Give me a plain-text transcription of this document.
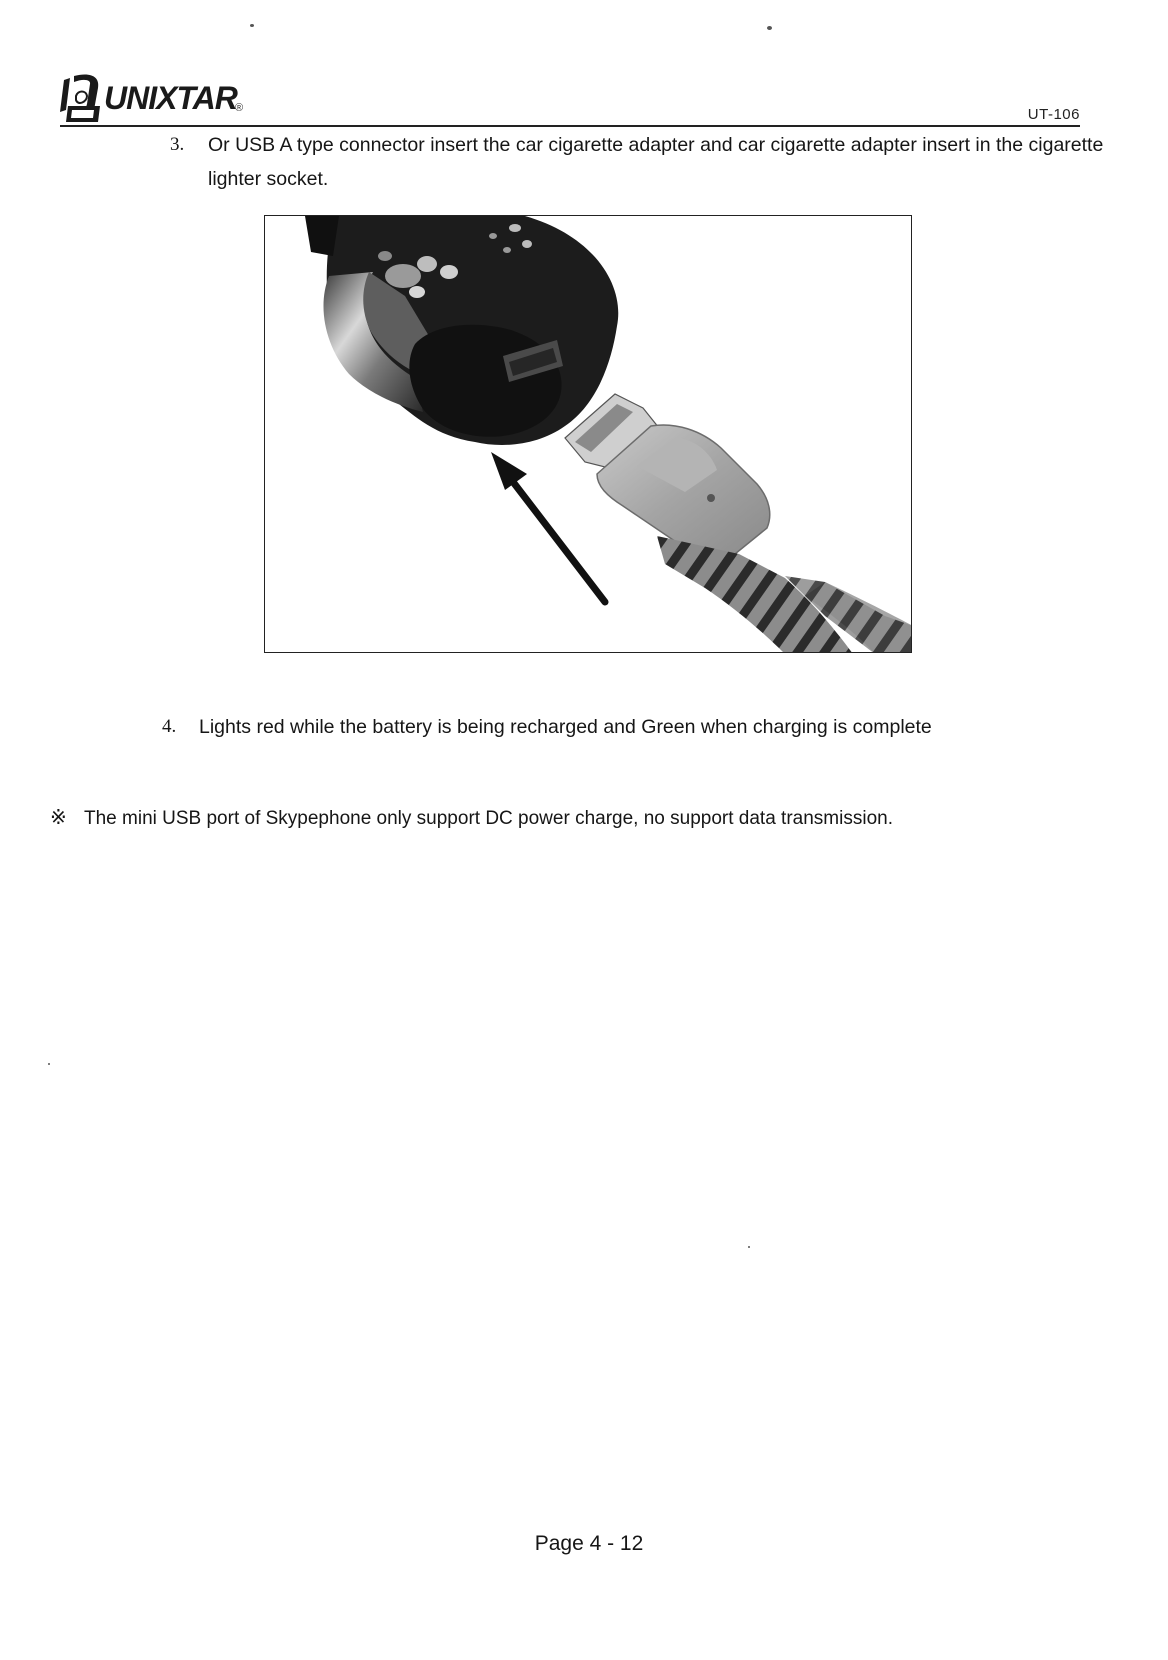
UNIXTAR
®	UT-106
3. Or USB A type connector insert the car cigarette adapter and car cigarette adapter insert in the cigarette lighter socket.
4. Lights red while the battery is being recharged and Green when charging is complete
※ The mini USB port of Skypephone only support DC power charge, no support data transmission.
Page 4 - 12
